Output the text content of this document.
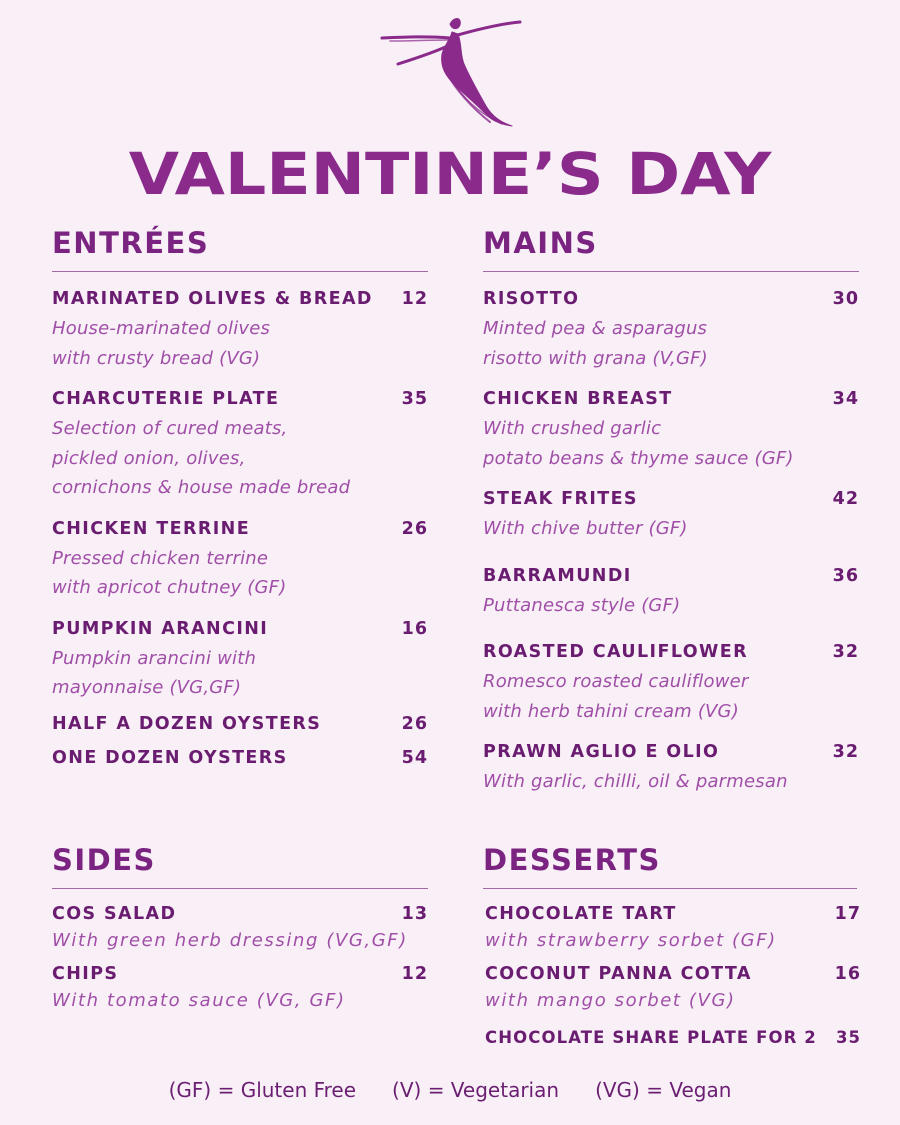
VALENTINE’S DAY
ENTRÉES
MARINATED OLIVES & BREAD 12
House-marinated olives
with crusty bread (VG)
CHARCUTERIE PLATE	35
Selection of cured meats,
pickled onion, olives,
cornichons & house made bread
CHICKEN TERRINE	26
Pressed chicken terrine
with apricot chutney (GF)
PUMPKIN ARANCINI	16
Pumpkin arancini with
mayonnaise (VG,GF)
HALF A DOZEN OYSTERS	26
ONE DOZEN OYSTERS	54
MAINS
RISOTTO	30
Minted pea & asparagus
risotto with grana (V,GF)
CHICKEN BREAST	34
With crushed garlic
potato beans & thyme sauce (GF)
STEAK FRITES	42
With chive butter (GF)
BARRAMUNDI	36
Puttanesca style (GF)
ROASTED CAULIFLOWER	32
Romesco roasted cauliflower
with herb tahini cream (VG)
PRAWN AGLIO E OLIO	32
With garlic, chilli, oil & parmesan
SIDES
COS SALAD	13
With green herb dressing (VG,GF)
CHIPS	12
With tomato sauce (VG, GF)
DESSERTS
CHOCOLATE TART	17
with strawberry sorbet (GF)
COCONUT PANNA COTTA	16
with mango sorbet (VG)
CHOCOLATE SHARE PLATE FOR 2 35
(GF) = Gluten Free (V) = Vegetarian (VG) = Vegan
